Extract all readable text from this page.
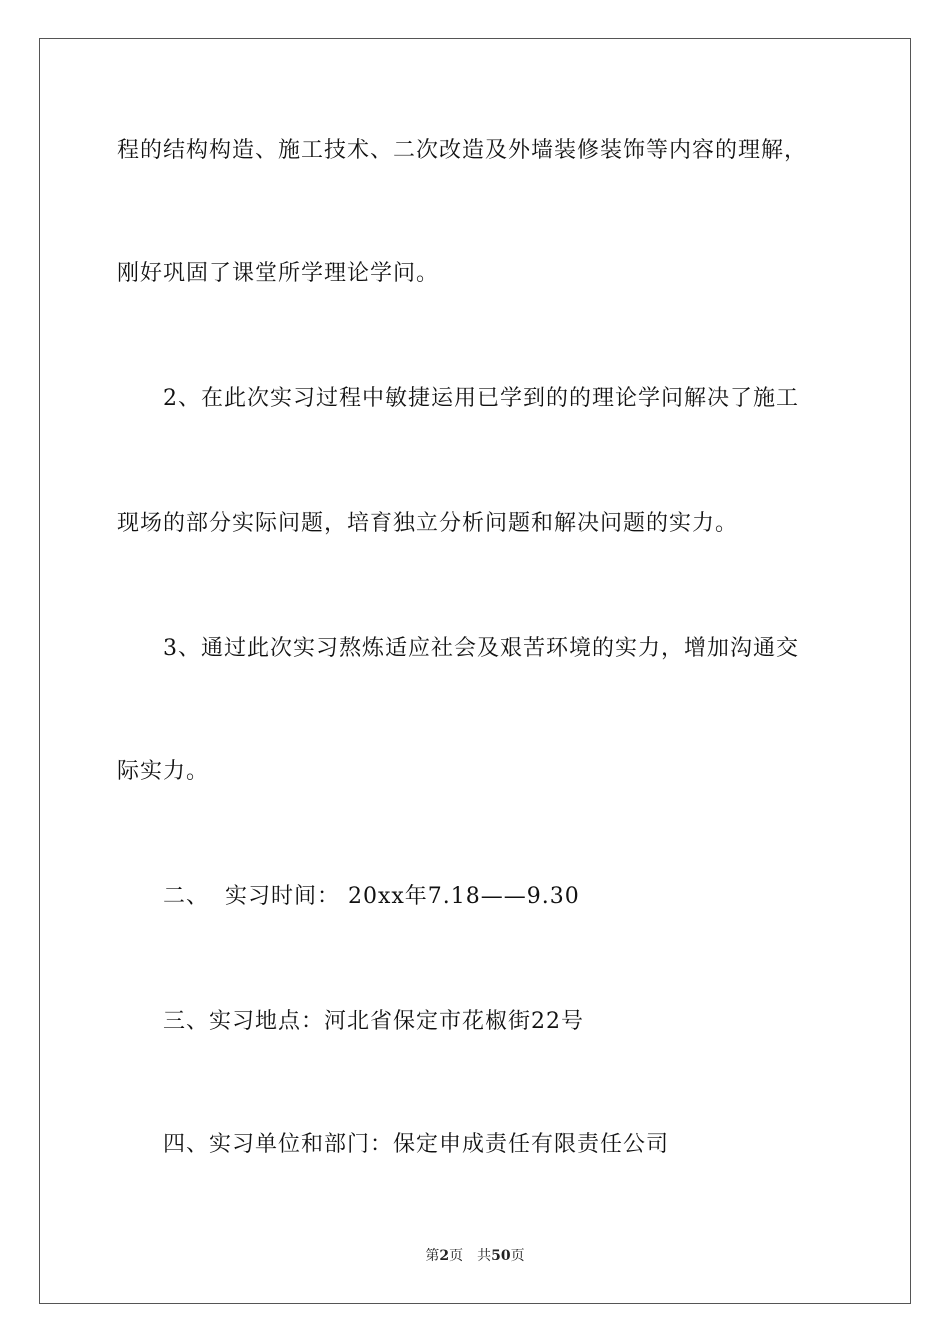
程的结构构造、施工技术、二次改造及外墙装修装饰等内容的理解，
刚好巩固了课堂所学理论学问。
2、在此次实习过程中敏捷运用已学到的的理论学问解决了施工
现场的部分实际问题，培育独立分析问题和解决问题的实力。
3、通过此次实习熬炼适应社会及艰苦环境的实力，增加沟通交
际实力。
二、  实习时间： 20xx年7.18——9.30
三、实习地点：河北省保定市花椒街22号
四、实习单位和部门：保定申成责任有限责任公司
第2页 共50页
